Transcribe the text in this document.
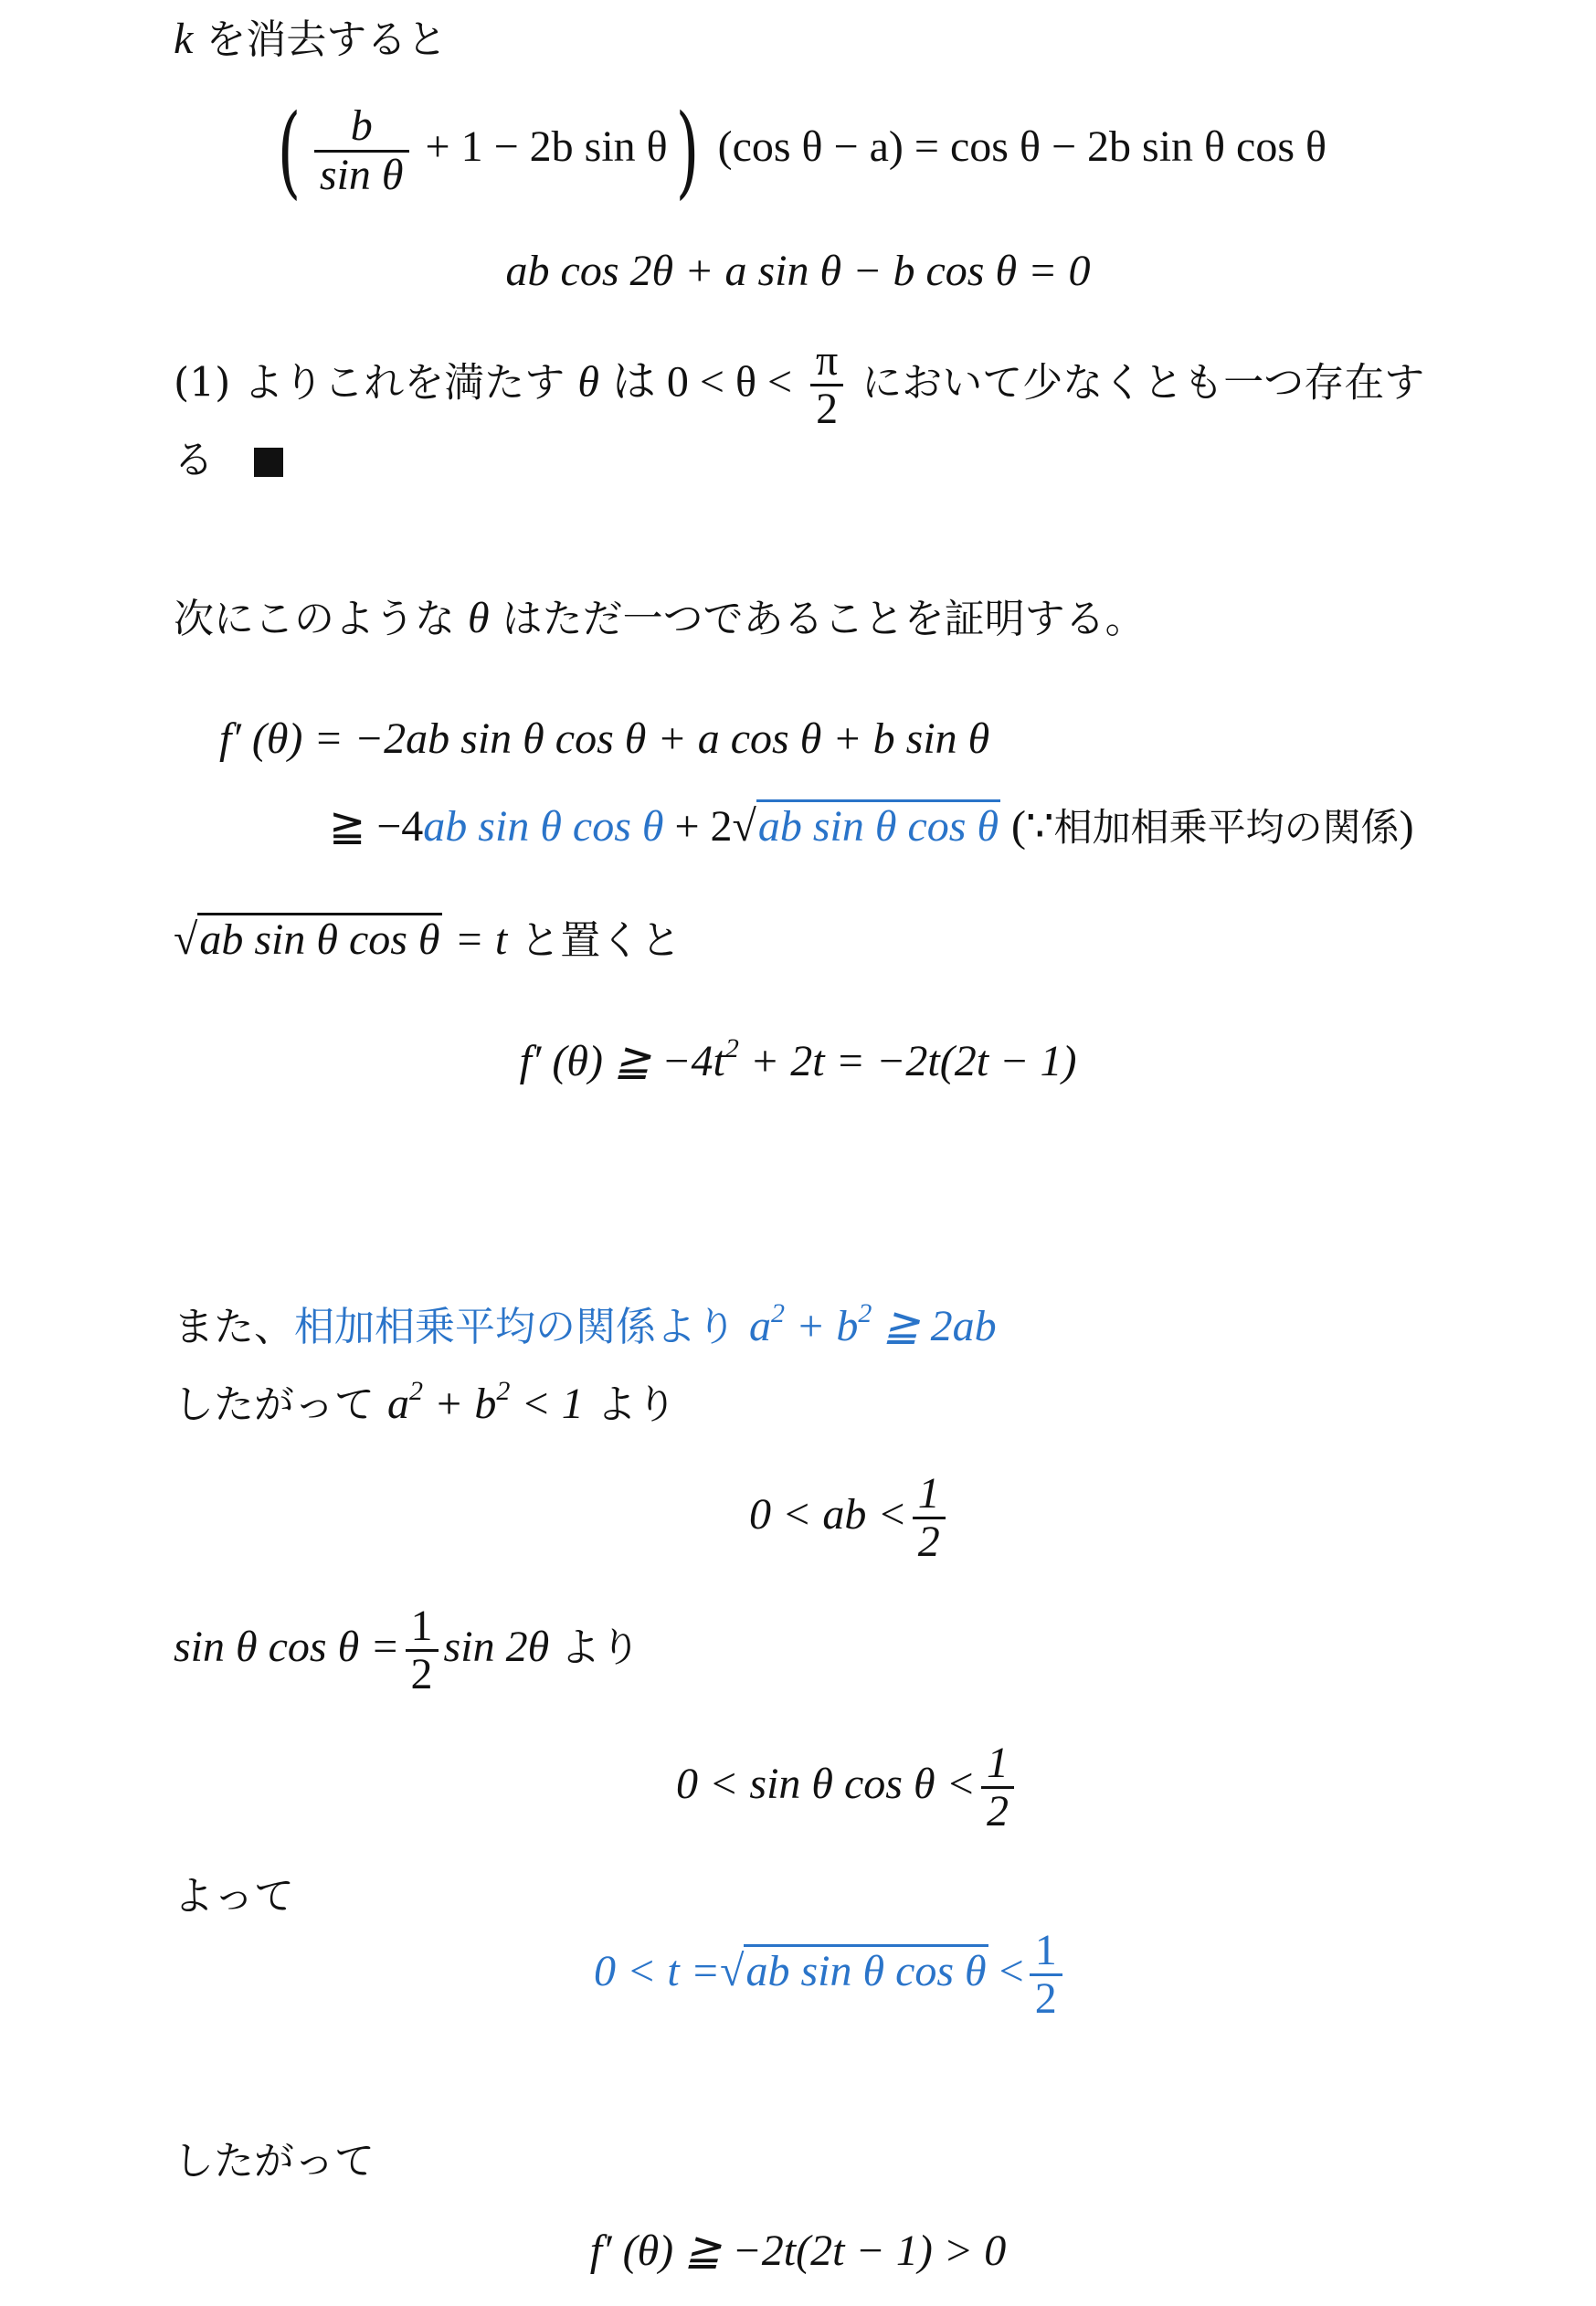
k を消去すると
( $\frac{b}{\text{sin θ}} + 1 - 2b$ sin θ) (cos θ − a) = cos θ − 2b sin θ cos θ
ab cos 2θ + a sin θ − b cos θ = 0
(1) よりこれを満たす θ は $0 < \theta < \frac{\pi}{2}$ において少なくとも一つ存在す
る
次にこのような θ はただ一つであることを証明する。
f′ (θ) = −2ab sin θ cos θ + a cos θ + b sin θ
≧ −4ab sin θ cos θ + 2√ab sin θ cos θ (∵相加相乗平均の関係)
√ab sin θ cos θ = t と置くと
f′ (θ) ≧ $-4t^2 + 2t = -2t(2t - 1)$
また、相加相乗平均の関係より $a^2 + b^2$ ≧ 2ab
したがって $a^2 + b^2 < 1$ より
0 < ab < $\frac{1}{2}$
sin θ $\cos \theta = \frac{1}{2}$ sin 2θ より
0 < sin θ $\cos \theta < \frac{1}{2}$
よって
0 < t =√ab sin θ $\cos \theta < \frac{1}{2}$
したがって
f′ (θ) ≧ −2t(2t − 1) > 0
